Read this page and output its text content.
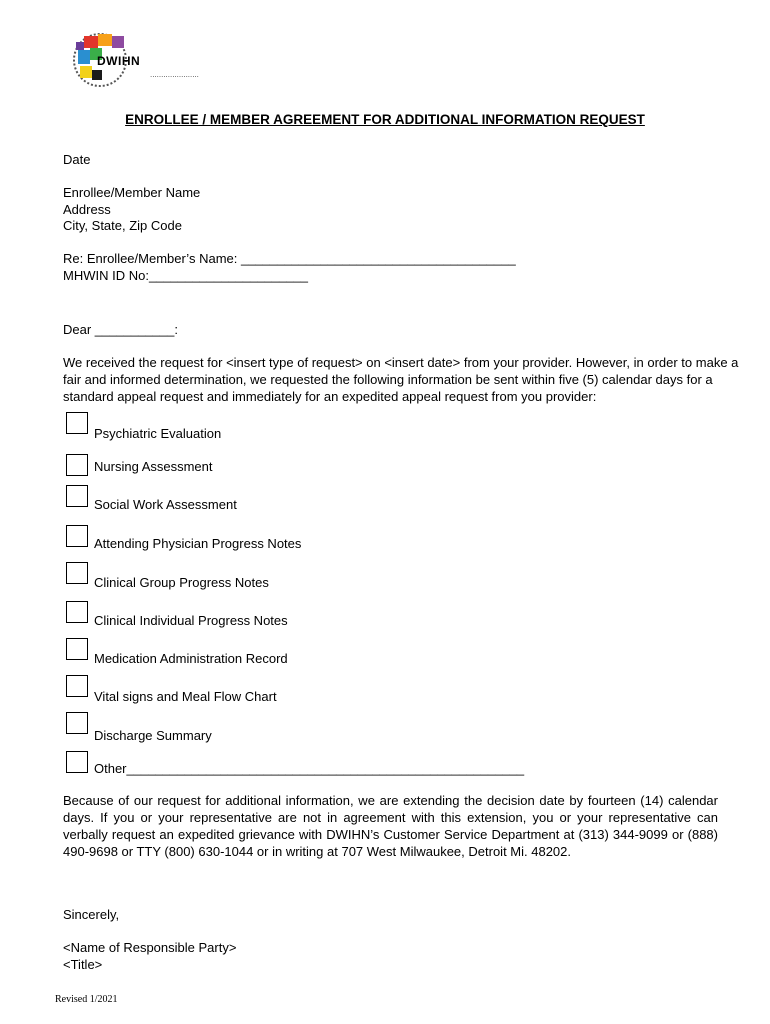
DWIHN
......................
ENROLLEE / MEMBER AGREEMENT FOR ADDITIONAL INFORMATION REQUEST
Date
Enrollee/Member Name
Address
City, State, Zip Code
Re: Enrollee/Member’s Name: ______________________________________
MHWIN ID No:______________________
Dear ___________:
We received the request for <insert type of request> on <insert date> from your provider. However, in order to make a fair and informed determination, we requested the following information be sent within five (5) calendar days for a standard appeal request and immediately for an expedited appeal request from you provider:
Psychiatric Evaluation
Nursing Assessment
Social Work Assessment
Attending Physician Progress Notes
Clinical Group Progress Notes
Clinical Individual Progress Notes
Medication Administration Record
Vital signs and Meal Flow Chart
Discharge Summary
Other_______________________________________________________
Because of our request for additional information, we are extending the decision date by fourteen (14) calendar days. If you or your representative are not in agreement with this extension, you or your representative can verbally request an expedited grievance with DWIHN’s Customer Service Department at (313) 344-9099 or (888) 490-9698 or TTY (800) 630-1044 or in writing at 707 West Milwaukee, Detroit Mi. 48202.
Sincerely,
<Name of Responsible Party>
<Title>
Revised 1/2021
